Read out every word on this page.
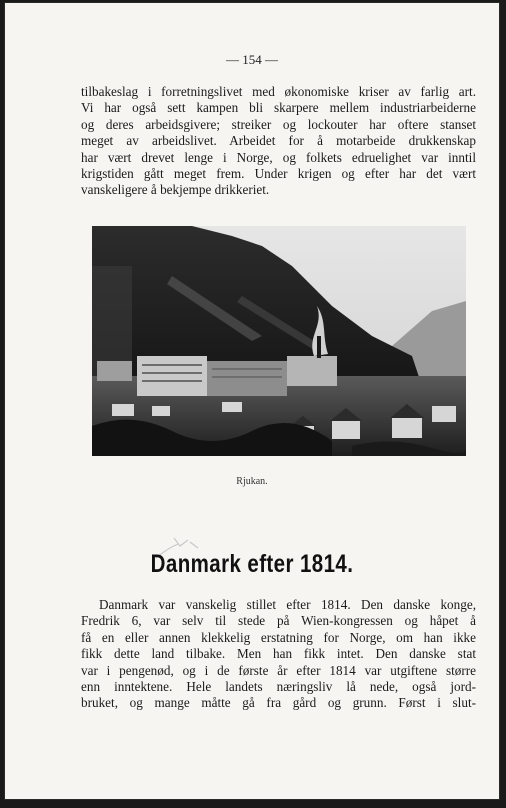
— 154 —
tilbakeslag i forretningslivet med økonomiske kriser av farlig art.
Vi har også sett kampen bli skarpere mellem industriarbeiderne
og deres arbeidsgivere; streiker og lockouter har oftere stanset
meget av arbeidslivet. Arbeidet for å motarbeide drukkenskap
har vært drevet lenge i Norge, og folkets edruelighet var inntil
krigstiden gått meget frem. Under krigen og efter har det vært
vanskeligere å bekjempe drikkeriet.
Rjukan.
Danmark efter 1814.
Danmark var vanskelig stillet efter 1814. Den danske konge,
Fredrik 6, var selv til stede på Wien-kongressen og håpet å
få en eller annen klekkelig erstatning for Norge, om han ikke
fikk dette land tilbake. Men han fikk intet. Den danske stat
var i pengenød, og i de første år efter 1814 var utgiftene større
enn inntektene. Hele landets næringsliv lå nede, også jord-
bruket, og mange måtte gå fra gård og grunn. Først i slut-
